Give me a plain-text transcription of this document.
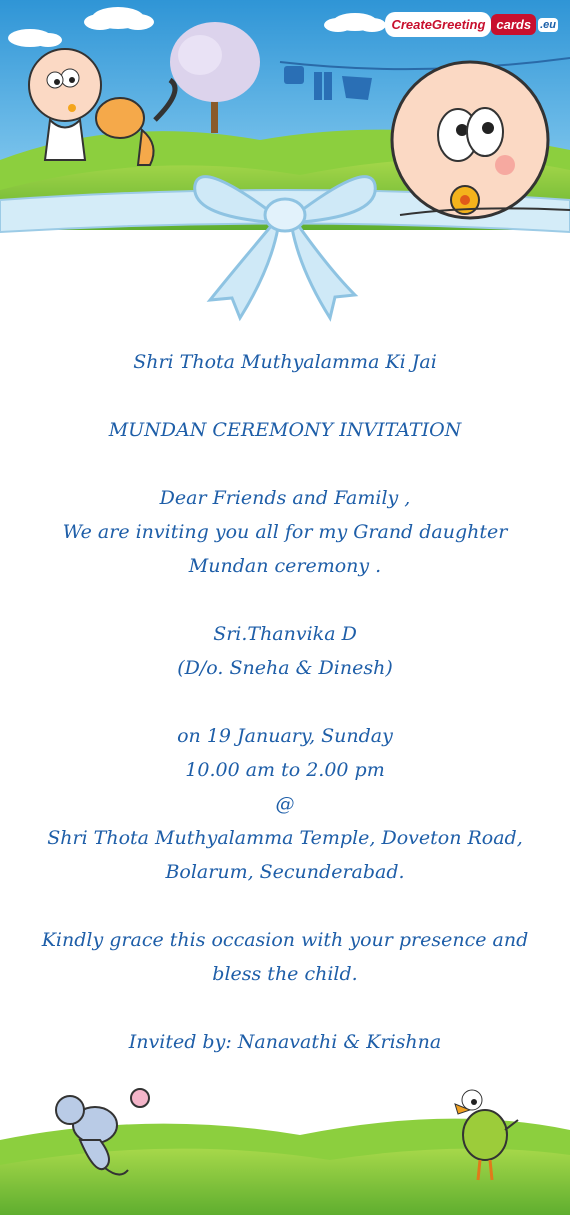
CreateGreeting cards .eu

Shri Thota Muthyalamma Ki Jai

MUNDAN CEREMONY INVITATION

Dear Friends and Family ,

We are inviting you all for my Grand daughter

Mundan ceremony .

Sri.Thanvika D

(D/o. Sneha & Dinesh)

on 19 January, Sunday

10.00 am to 2.00 pm

@

Shri Thota Muthyalamma Temple, Doveton Road,

Bolarum, Secunderabad.

Kindly grace this occasion with your presence and

bless the child.

Invited by: Nanavathi & Krishna
